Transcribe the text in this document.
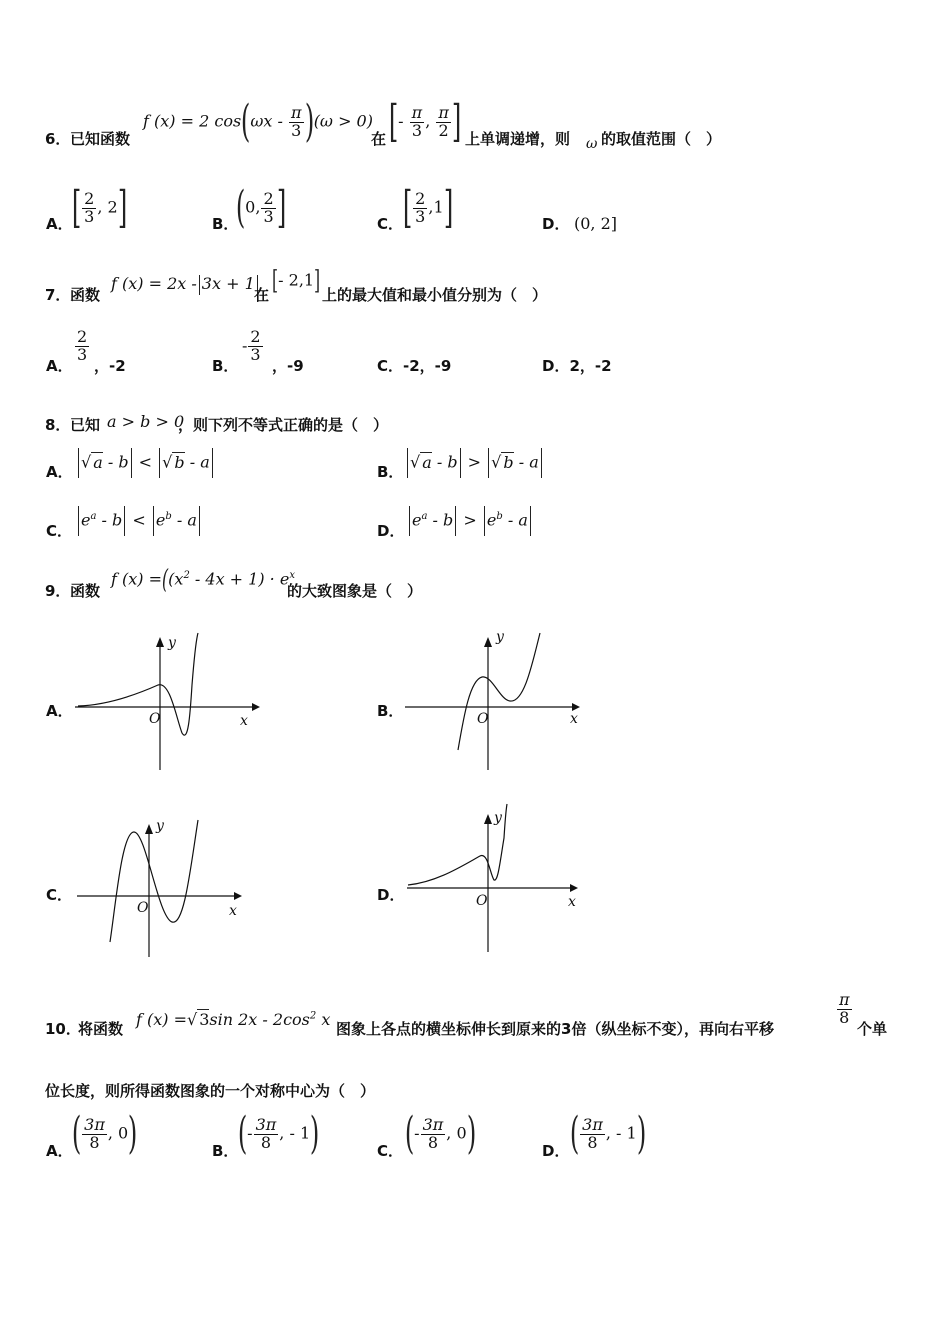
6． 已知函数
f (x) = 2 $\cos(\omega x - \frac{\pi}{3} )(\omega > 0)$
在 [- $\frac{\pi}{3}$ , $\frac{\pi}{2}$ ] 上单调递增，则 ω 的取值范围（　）
A． [ $\frac{2}{3}$ , 2]	B．
(0, $\frac{2}{3}$ ]	C． [ $\frac{2}{3} ,1$]	D． (0, 2]
7． 函数
f (x) = 2x - 3x + 1
在 [- 2,1] 上的最大值和最小值分别为（　）
A．
$\frac{2}{3}$
，-2	B．
- $\frac{2}{3}$
，-9	C．-2，-9	D．2，-2
8． 已知 a > b > 0
，则下列不等式正确的是（　）
A．
√ a - b < √ b - a
B．
√ a - b > √ b - a
C．
$e^a - b < e^b - a$
D．
$e^a - b > e^b - a$
9． 函数
f $(x) =((x^2 - 4x + 1) \cdot e^x$
的大致图象是（　）
A．
y
x
O	B．
y
x
O
C．
y
x
O
D．
y
x
O
10．
将函数 f (x) =√ 3sin $2x - 2\cos^2$ x 图象上各点的横坐标伸长到原来的3倍（纵坐标不变），再向右平移
$\frac{\pi}{8}$
个单
位长度，则所得函数图象的一个对称中心为（　）
A． ( $\frac{3\pi}{8}$ , 0)	B． (- $\frac{3\pi}{8}$ , - 1)	C． (- $\frac{3\pi}{8}$ , 0)	D． ( $\frac{3\pi}{8}$ , - 1)
